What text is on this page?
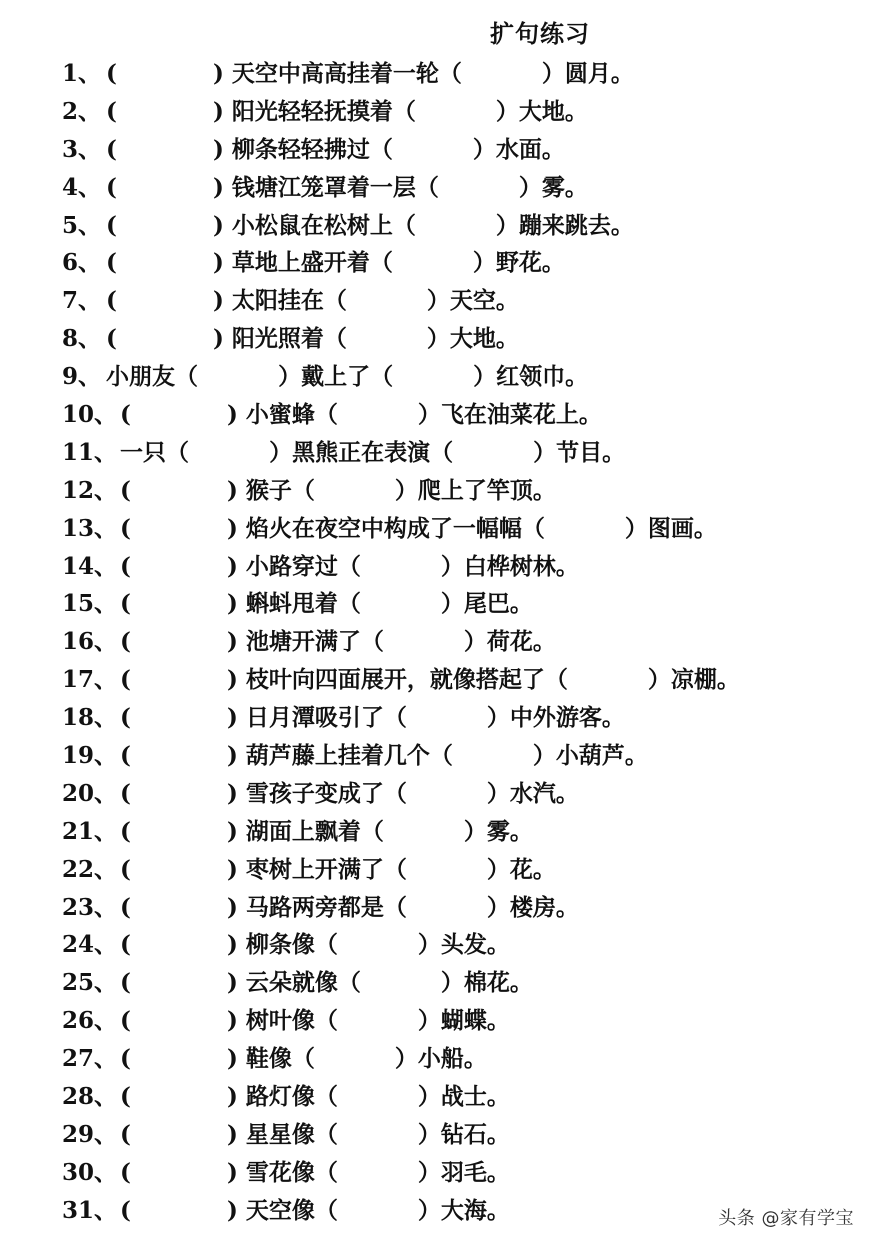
扩句练习
1、 (            ) 天空中高高挂着一轮（          ）圆月。
2、 (            ) 阳光轻轻抚摸着（          ）大地。
3、 (            ) 柳条轻轻拂过（          ）水面。
4、 (            ) 钱塘江笼罩着一层（          ）雾。
5、 (            ) 小松鼠在松树上（          ）蹦来跳去。
6、 (            ) 草地上盛开着（          ）野花。
7、 (            ) 太阳挂在（          ）天空。
8、 (            ) 阳光照着（          ）大地。
9、 小朋友（          ）戴上了（          ）红领巾。
10、 (            ) 小蜜蜂（          ）飞在油菜花上。
11、 一只（          ）黑熊正在表演（          ）节目。
12、 (            ) 猴子（          ）爬上了竿顶。
13、 (            ) 焰火在夜空中构成了一幅幅（          ）图画。
14、 (            ) 小路穿过（          ）白桦树林。
15、 (            ) 蝌蚪甩着（          ）尾巴。
16、 (            ) 池塘开满了（          ）荷花。
17、 (            ) 枝叶向四面展开，就像搭起了（          ）凉棚。
18、 (            ) 日月潭吸引了（          ）中外游客。
19、 (            ) 葫芦藤上挂着几个（          ）小葫芦。
20、 (            ) 雪孩子变成了（          ）水汽。
21、 (            ) 湖面上飘着（          ）雾。
22、 (            ) 枣树上开满了（          ）花。
23、 (            ) 马路两旁都是（          ）楼房。
24、 (            ) 柳条像（          ）头发。
25、 (            ) 云朵就像（          ）棉花。
26、 (            ) 树叶像（          ）蝴蝶。
27、 (            ) 鞋像（          ）小船。
28、 (            ) 路灯像（          ）战士。
29、 (            ) 星星像（          ）钻石。
30、 (            ) 雪花像（          ）羽毛。
31、 (            ) 天空像（          ）大海。	头条 @家有学宝
